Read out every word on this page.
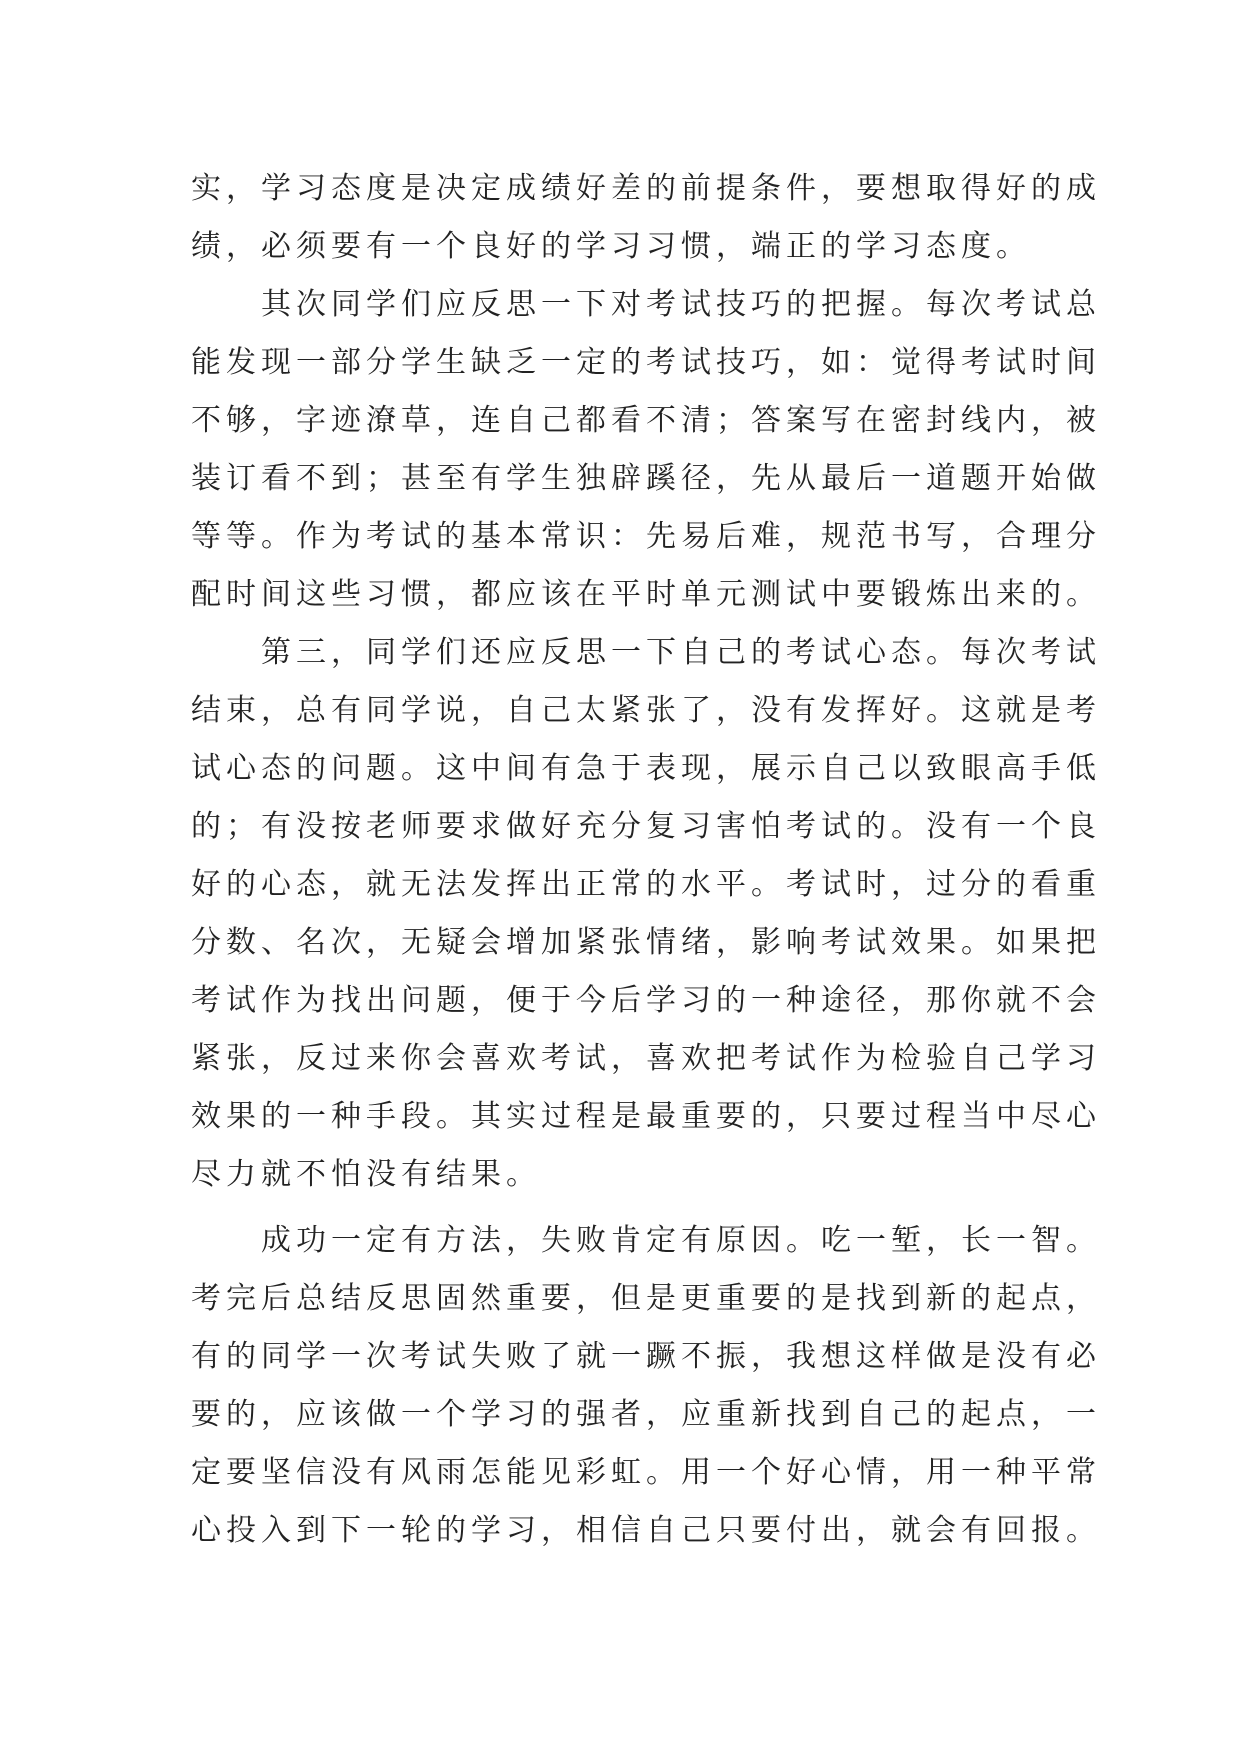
实，学习态度是决定成绩好差的前提条件，要想取得好的成
绩，必须要有一个良好的学习习惯，端正的学习态度。
　　其次同学们应反思一下对考试技巧的把握。每次考试总
能发现一部分学生缺乏一定的考试技巧，如：觉得考试时间
不够，字迹潦草，连自己都看不清；答案写在密封线内，被
装订看不到；甚至有学生独辟蹊径，先从最后一道题开始做
等等。作为考试的基本常识：先易后难，规范书写，合理分
配时间这些习惯，都应该在平时单元测试中要锻炼出来的。
　　第三，同学们还应反思一下自己的考试心态。每次考试
结束，总有同学说，自己太紧张了，没有发挥好。这就是考
试心态的问题。这中间有急于表现，展示自己以致眼高手低
的；有没按老师要求做好充分复习害怕考试的。没有一个良
好的心态，就无法发挥出正常的水平。考试时，过分的看重
分数、名次，无疑会增加紧张情绪，影响考试效果。如果把
考试作为找出问题，便于今后学习的一种途径，那你就不会
紧张，反过来你会喜欢考试，喜欢把考试作为检验自己学习
效果的一种手段。其实过程是最重要的，只要过程当中尽心
尽力就不怕没有结果。
　　成功一定有方法，失败肯定有原因。吃一堑，长一智。
考完后总结反思固然重要，但是更重要的是找到新的起点，
有的同学一次考试失败了就一蹶不振，我想这样做是没有必
要的，应该做一个学习的强者，应重新找到自己的起点，一
定要坚信没有风雨怎能见彩虹。用一个好心情，用一种平常
心投入到下一轮的学习，相信自己只要付出，就会有回报。
